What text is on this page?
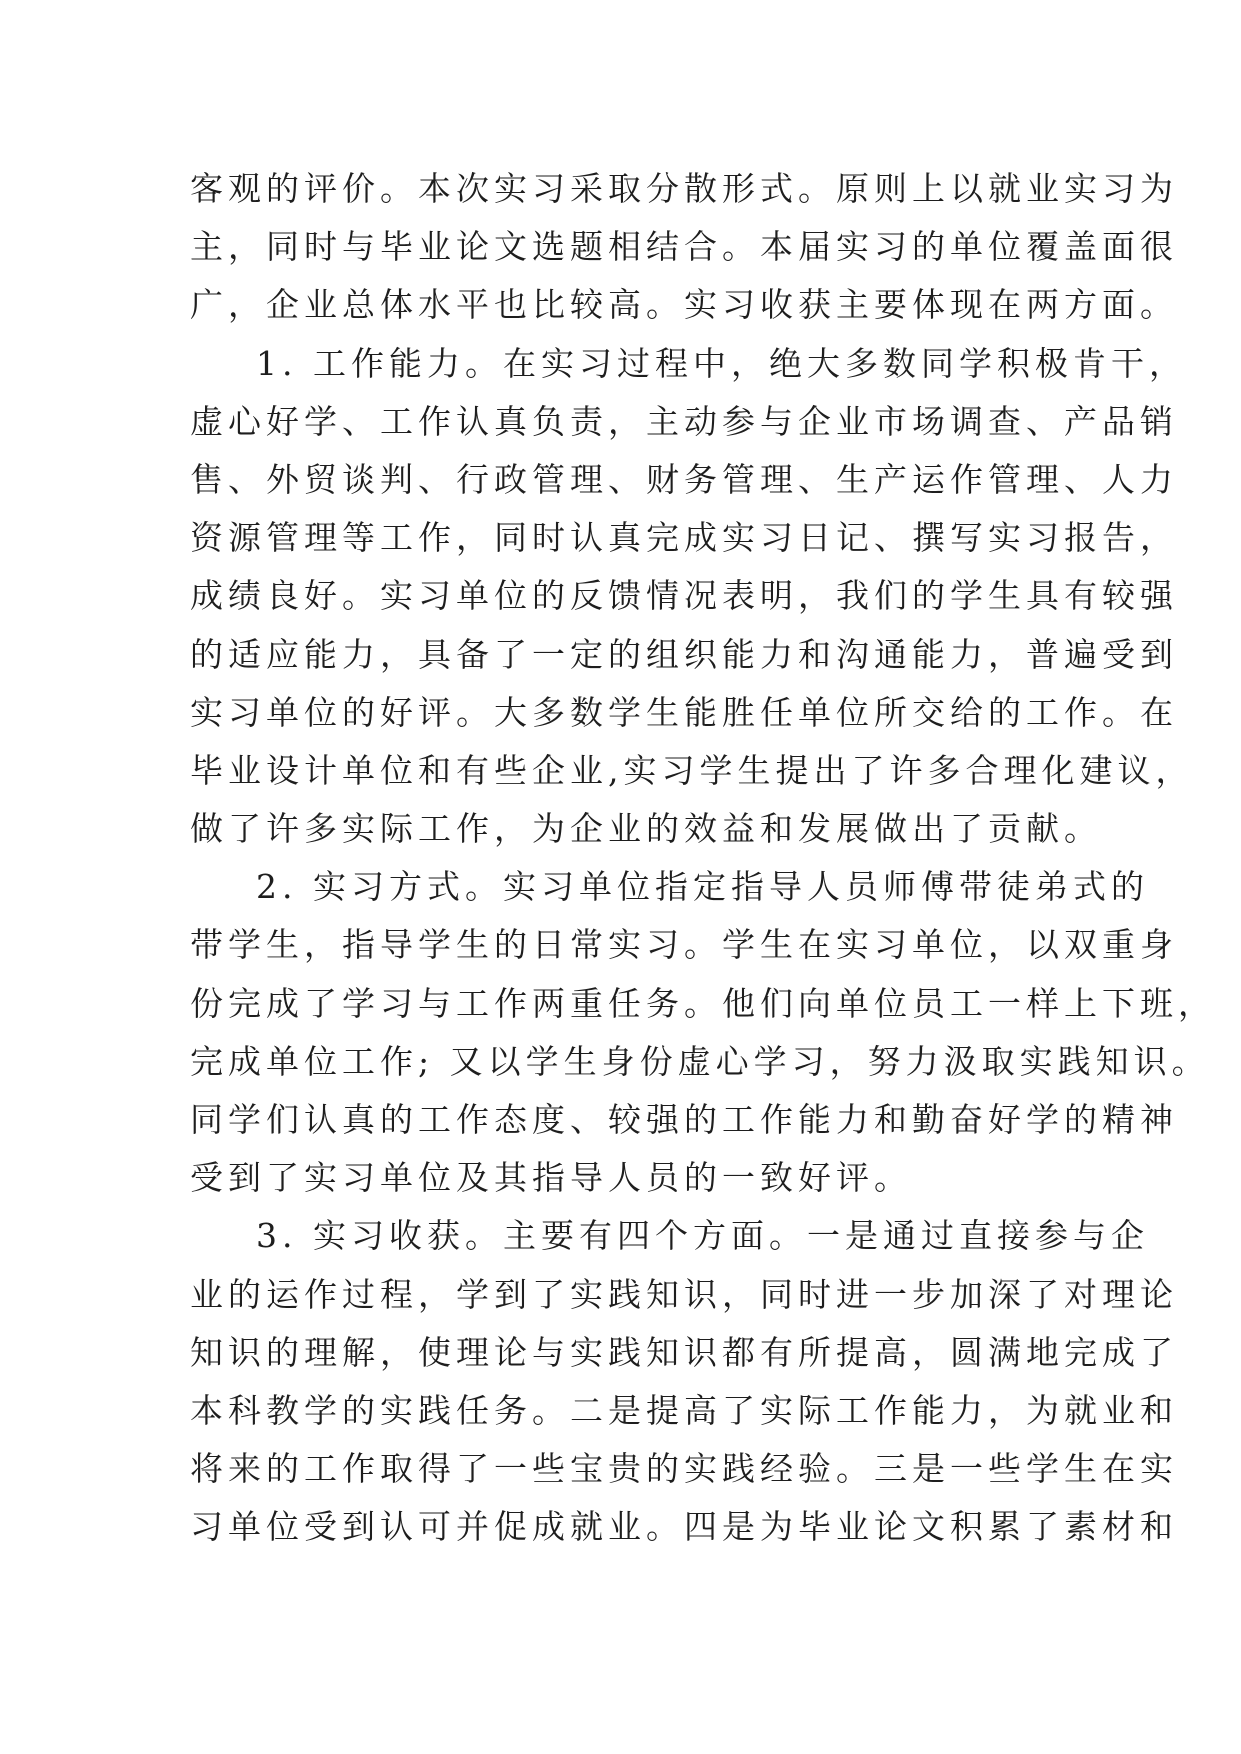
客观的评价。本次实习采取分散形式。原则上以就业实习为
主，同时与毕业论文选题相结合。本届实习的单位覆盖面很
广，企业总体水平也比较高。实习收获主要体现在两方面。
1. 工作能力。在实习过程中，绝大多数同学积极肯干，
虚心好学、工作认真负责，主动参与企业市场调查、产品销
售、外贸谈判、行政管理、财务管理、生产运作管理、人力
资源管理等工作，同时认真完成实习日记、撰写实习报告，
成绩良好。实习单位的反馈情况表明，我们的学生具有较强
的适应能力，具备了一定的组织能力和沟通能力，普遍受到
实习单位的好评。大多数学生能胜任单位所交给的工作。在
毕业设计单位和有些企业,实习学生提出了许多合理化建议，
做了许多实际工作，为企业的效益和发展做出了贡献。
2. 实习方式。实习单位指定指导人员师傅带徒弟式的
带学生，指导学生的日常实习。学生在实习单位，以双重身
份完成了学习与工作两重任务。他们向单位员工一样上下班，
完成单位工作; 又以学生身份虚心学习，努力汲取实践知识。
同学们认真的工作态度、较强的工作能力和勤奋好学的精神
受到了实习单位及其指导人员的一致好评。
3. 实习收获。主要有四个方面。一是通过直接参与企
业的运作过程，学到了实践知识，同时进一步加深了对理论
知识的理解，使理论与实践知识都有所提高，圆满地完成了
本科教学的实践任务。二是提高了实际工作能力，为就业和
将来的工作取得了一些宝贵的实践经验。三是一些学生在实
习单位受到认可并促成就业。四是为毕业论文积累了素材和
